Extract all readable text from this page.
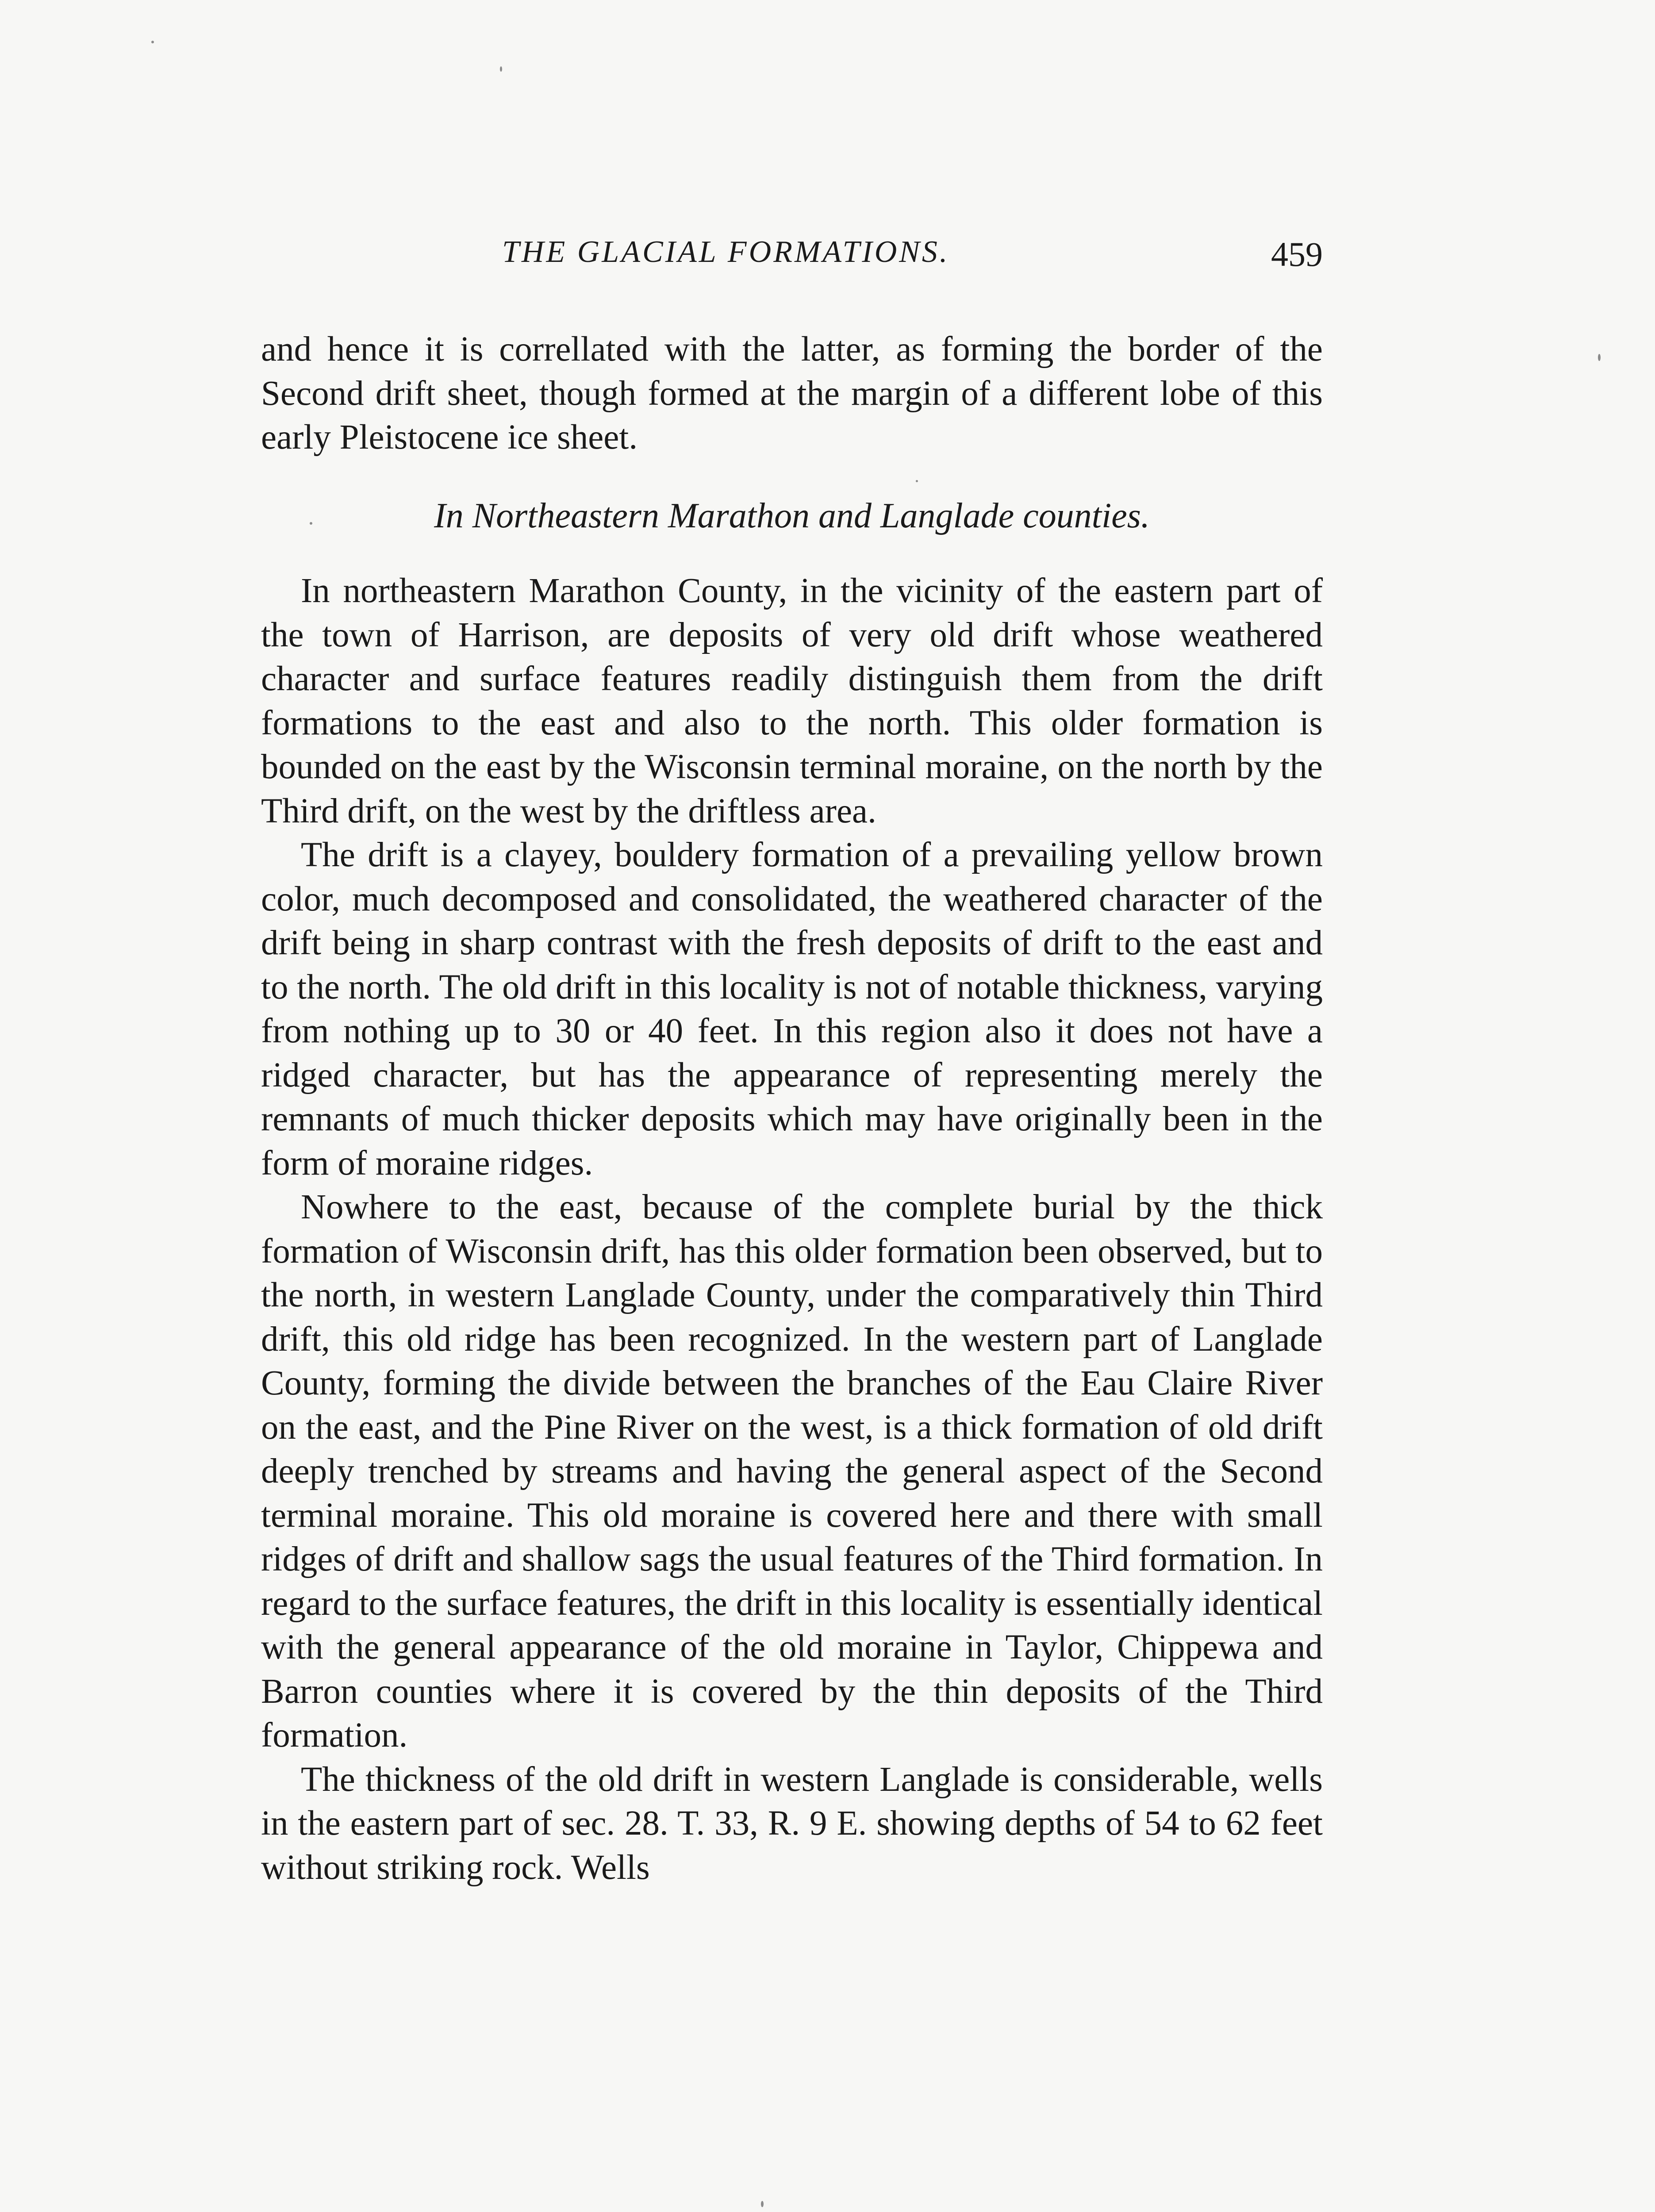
THE GLACIAL FORMATIONS.	459

and hence it is correllated with the latter, as forming the border of the Second drift sheet, though formed at the margin of a different lobe of this early Pleistocene ice sheet.

In Northeastern Marathon and Langlade counties.

In northeastern Marathon County, in the vicinity of the eastern part of the town of Harrison, are deposits of very old drift whose weathered character and surface features readily distinguish them from the drift formations to the east and also to the north. This older formation is bounded on the east by the Wisconsin terminal moraine, on the north by the Third drift, on the west by the driftless area.

The drift is a clayey, bouldery formation of a prevailing yellow brown color, much decomposed and consolidated, the weathered character of the drift being in sharp contrast with the fresh deposits of drift to the east and to the north. The old drift in this locality is not of notable thickness, varying from nothing up to 30 or 40 feet. In this region also it does not have a ridged character, but has the appearance of representing merely the remnants of much thicker deposits which may have originally been in the form of moraine ridges.

Nowhere to the east, because of the complete burial by the thick formation of Wisconsin drift, has this older formation been observed, but to the north, in western Langlade County, under the comparatively thin Third drift, this old ridge has been recognized. In the western part of Langlade County, forming the divide between the branches of the Eau Claire River on the east, and the Pine River on the west, is a thick formation of old drift deeply trenched by streams and having the general aspect of the Second terminal moraine. This old moraine is covered here and there with small ridges of drift and shallow sags the usual features of the Third formation. In regard to the surface features, the drift in this locality is essentially identical with the general appearance of the old moraine in Taylor, Chippewa and Barron counties where it is covered by the thin deposits of the Third formation.

The thickness of the old drift in western Langlade is considerable, wells in the eastern part of sec. 28. T. 33, R. 9 E. showing depths of 54 to 62 feet without striking rock. Wells
